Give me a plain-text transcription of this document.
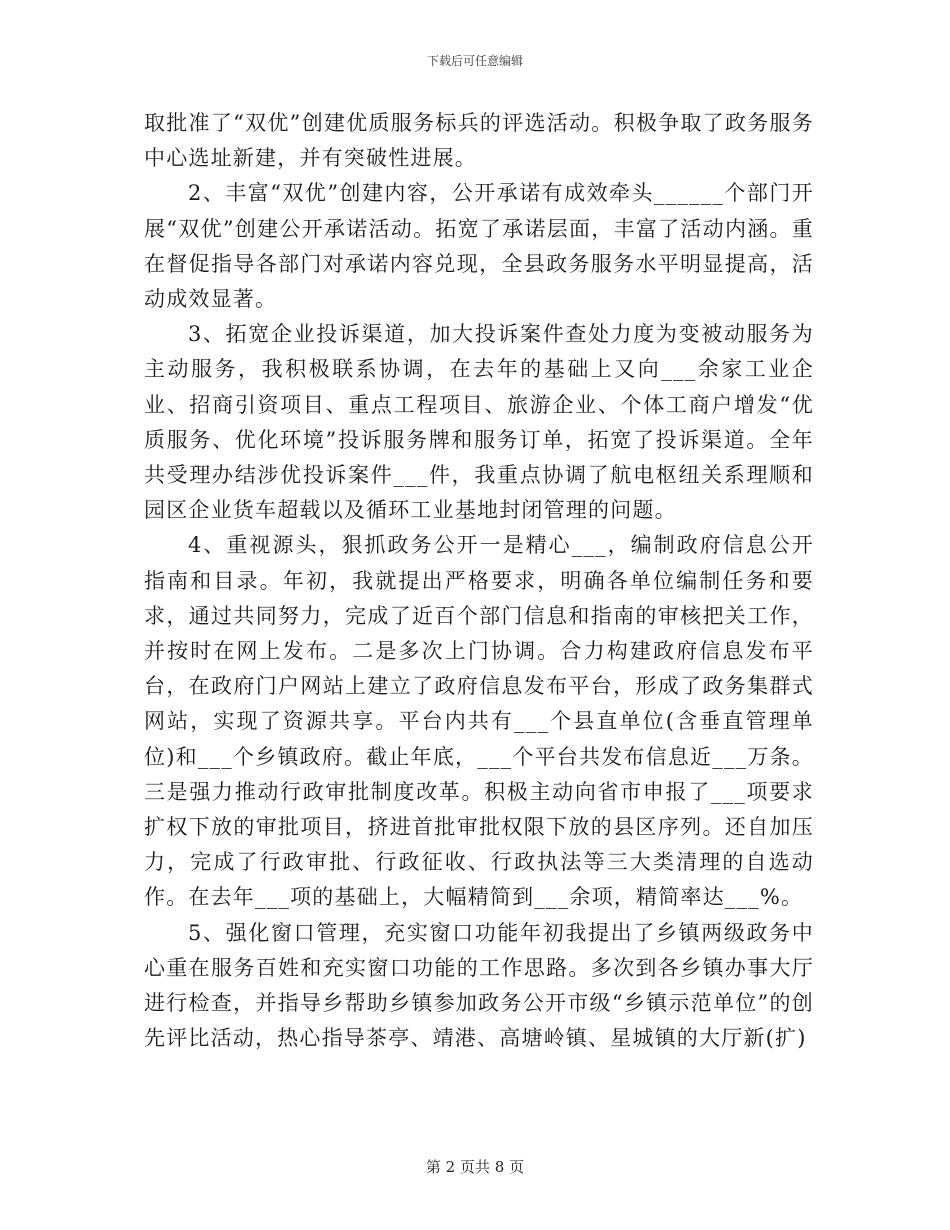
下载后可任意编辑

取批准了“双优”创建优质服务标兵的评选活动。积极争取了政务服务中心选址新建，并有突破性进展。

2、丰富“双优”创建内容，公开承诺有成效牵头______个部门开展“双优”创建公开承诺活动。拓宽了承诺层面，丰富了活动内涵。重在督促指导各部门对承诺内容兑现，全县政务服务水平明显提高，活动成效显著。

3、拓宽企业投诉渠道，加大投诉案件查处力度为变被动服务为主动服务，我积极联系协调，在去年的基础上又向___余家工业企业、招商引资项目、重点工程项目、旅游企业、个体工商户增发“优质服务、优化环境”投诉服务牌和服务订单，拓宽了投诉渠道。全年共受理办结涉优投诉案件___件，我重点协调了航电枢纽关系理顺和园区企业货车超载以及循环工业基地封闭管理的问题。

4、重视源头，狠抓政务公开一是精心___，编制政府信息公开指南和目录。年初，我就提出严格要求，明确各单位编制任务和要求，通过共同努力，完成了近百个部门信息和指南的审核把关工作，并按时在网上发布。二是多次上门协调。合力构建政府信息发布平台，在政府门户网站上建立了政府信息发布平台，形成了政务集群式网站，实现了资源共享。平台内共有___个县直单位(含垂直管理单位)和___个乡镇政府。截止年底，___个平台共发布信息近___万条。三是强力推动行政审批制度改革。积极主动向省市申报了___项要求扩权下放的审批项目，挤进首批审批权限下放的县区序列。还自加压力，完成了行政审批、行政征收、行政执法等三大类清理的自选动作。在去年___项的基础上，大幅精简到___余项，精简率达___%。

5、强化窗口管理，充实窗口功能年初我提出了乡镇两级政务中心重在服务百姓和充实窗口功能的工作思路。多次到各乡镇办事大厅进行检查，并指导乡帮助乡镇参加政务公开市级“乡镇示范单位”的创先评比活动，热心指导茶亭、靖港、高塘岭镇、星城镇的大厅新(扩)

第 2 页共 8 页
